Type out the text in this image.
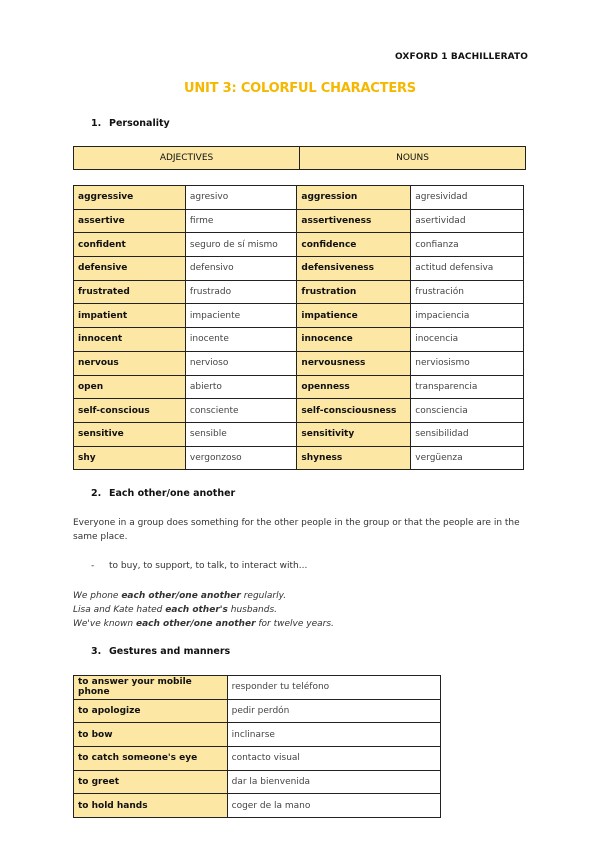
OXFORD 1 BACHILLERATO
UNIT 3: COLORFUL CHARACTERS
1. Personality
ADJECTIVES	NOUNS
aggressive	agresivo	aggression	agresividad
assertive	firme	assertiveness	asertividad
confident	seguro de sí mismo	confidence	confianza
defensive	defensivo	defensiveness	actitud defensiva
frustrated	frustrado	frustration	frustración
impatient	impaciente	impatience	impaciencia
innocent	inocente	innocence	inocencia
nervous	nervioso	nervousness	nerviosismo
open	abierto	openness	transparencia
self-conscious	consciente	self-consciousness	consciencia
sensitive	sensible	sensitivity	sensibilidad
shy	vergonzoso	shyness	vergüenza
2. Each other/one another
Everyone in a group does something for the other people in the group or that the people are in the same place.
- to buy, to support, to talk, to interact with...
We phone each other/one another regularly.
Lisa and Kate hated each other's husbands.
We've known each other/one another for twelve years.
3. Gestures and manners
to answer your mobile phone	responder tu teléfono
to apologize	pedir perdón
to bow	inclinarse
to catch someone's eye	contacto visual
to greet	dar la bienvenida
to hold hands	coger de la mano
